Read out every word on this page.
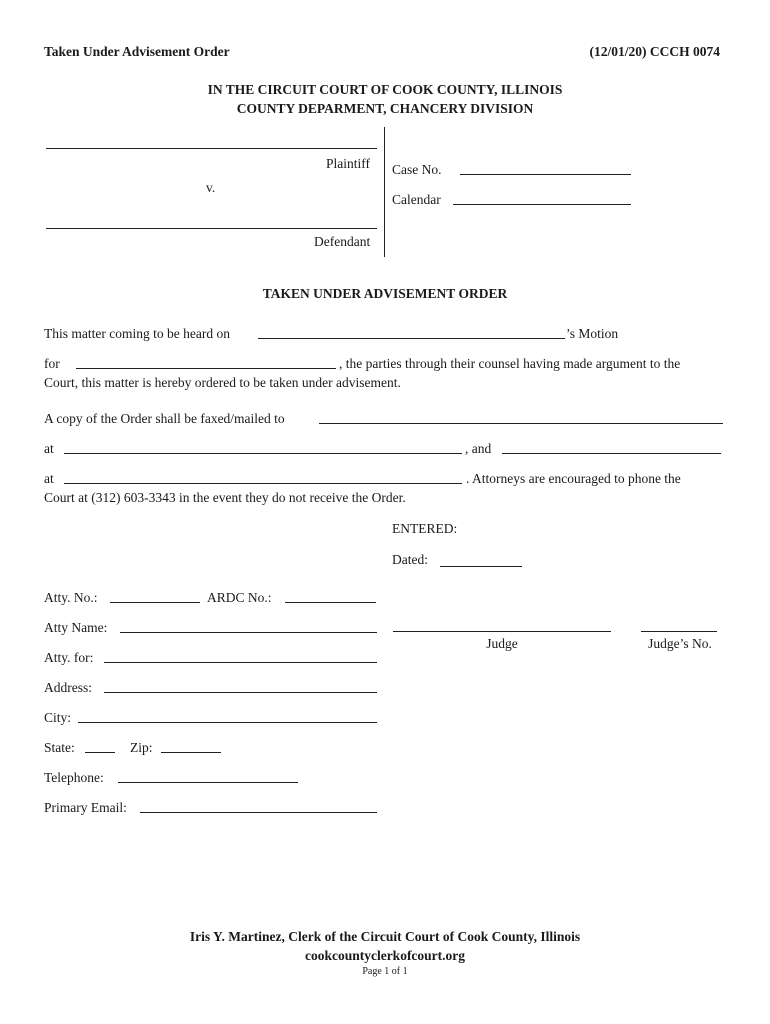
Taken Under Advisement Order	(12/01/20) CCCH 0074
IN THE CIRCUIT COURT OF COOK COUNTY, ILLINOIS
COUNTY DEPARMENT, CHANCERY DIVISION
Plaintiff
v.
Defendant
Case No.
Calendar
TAKEN UNDER ADVISEMENT ORDER
This matter coming to be heard on	’s Motion
for	, the parties through their counsel having made argument to the
Court, this matter is hereby ordered to be taken under advisement.
A copy of the Order shall be faxed/mailed to
at	, and
at	. Attorneys are encouraged to phone the
Court at (312) 603-3343 in the event they do not receive the Order.
ENTERED:
Dated:
Atty. No.:	ARDC No.:
Atty Name:
Atty. for:
Address:
City:
State:	Zip:
Telephone:
Primary Email:
Judge	Judge’s No.
Iris Y. Martinez, Clerk of the Circuit Court of Cook County, Illinois
cookcountyclerkofcourt.org
Page 1 of 1
